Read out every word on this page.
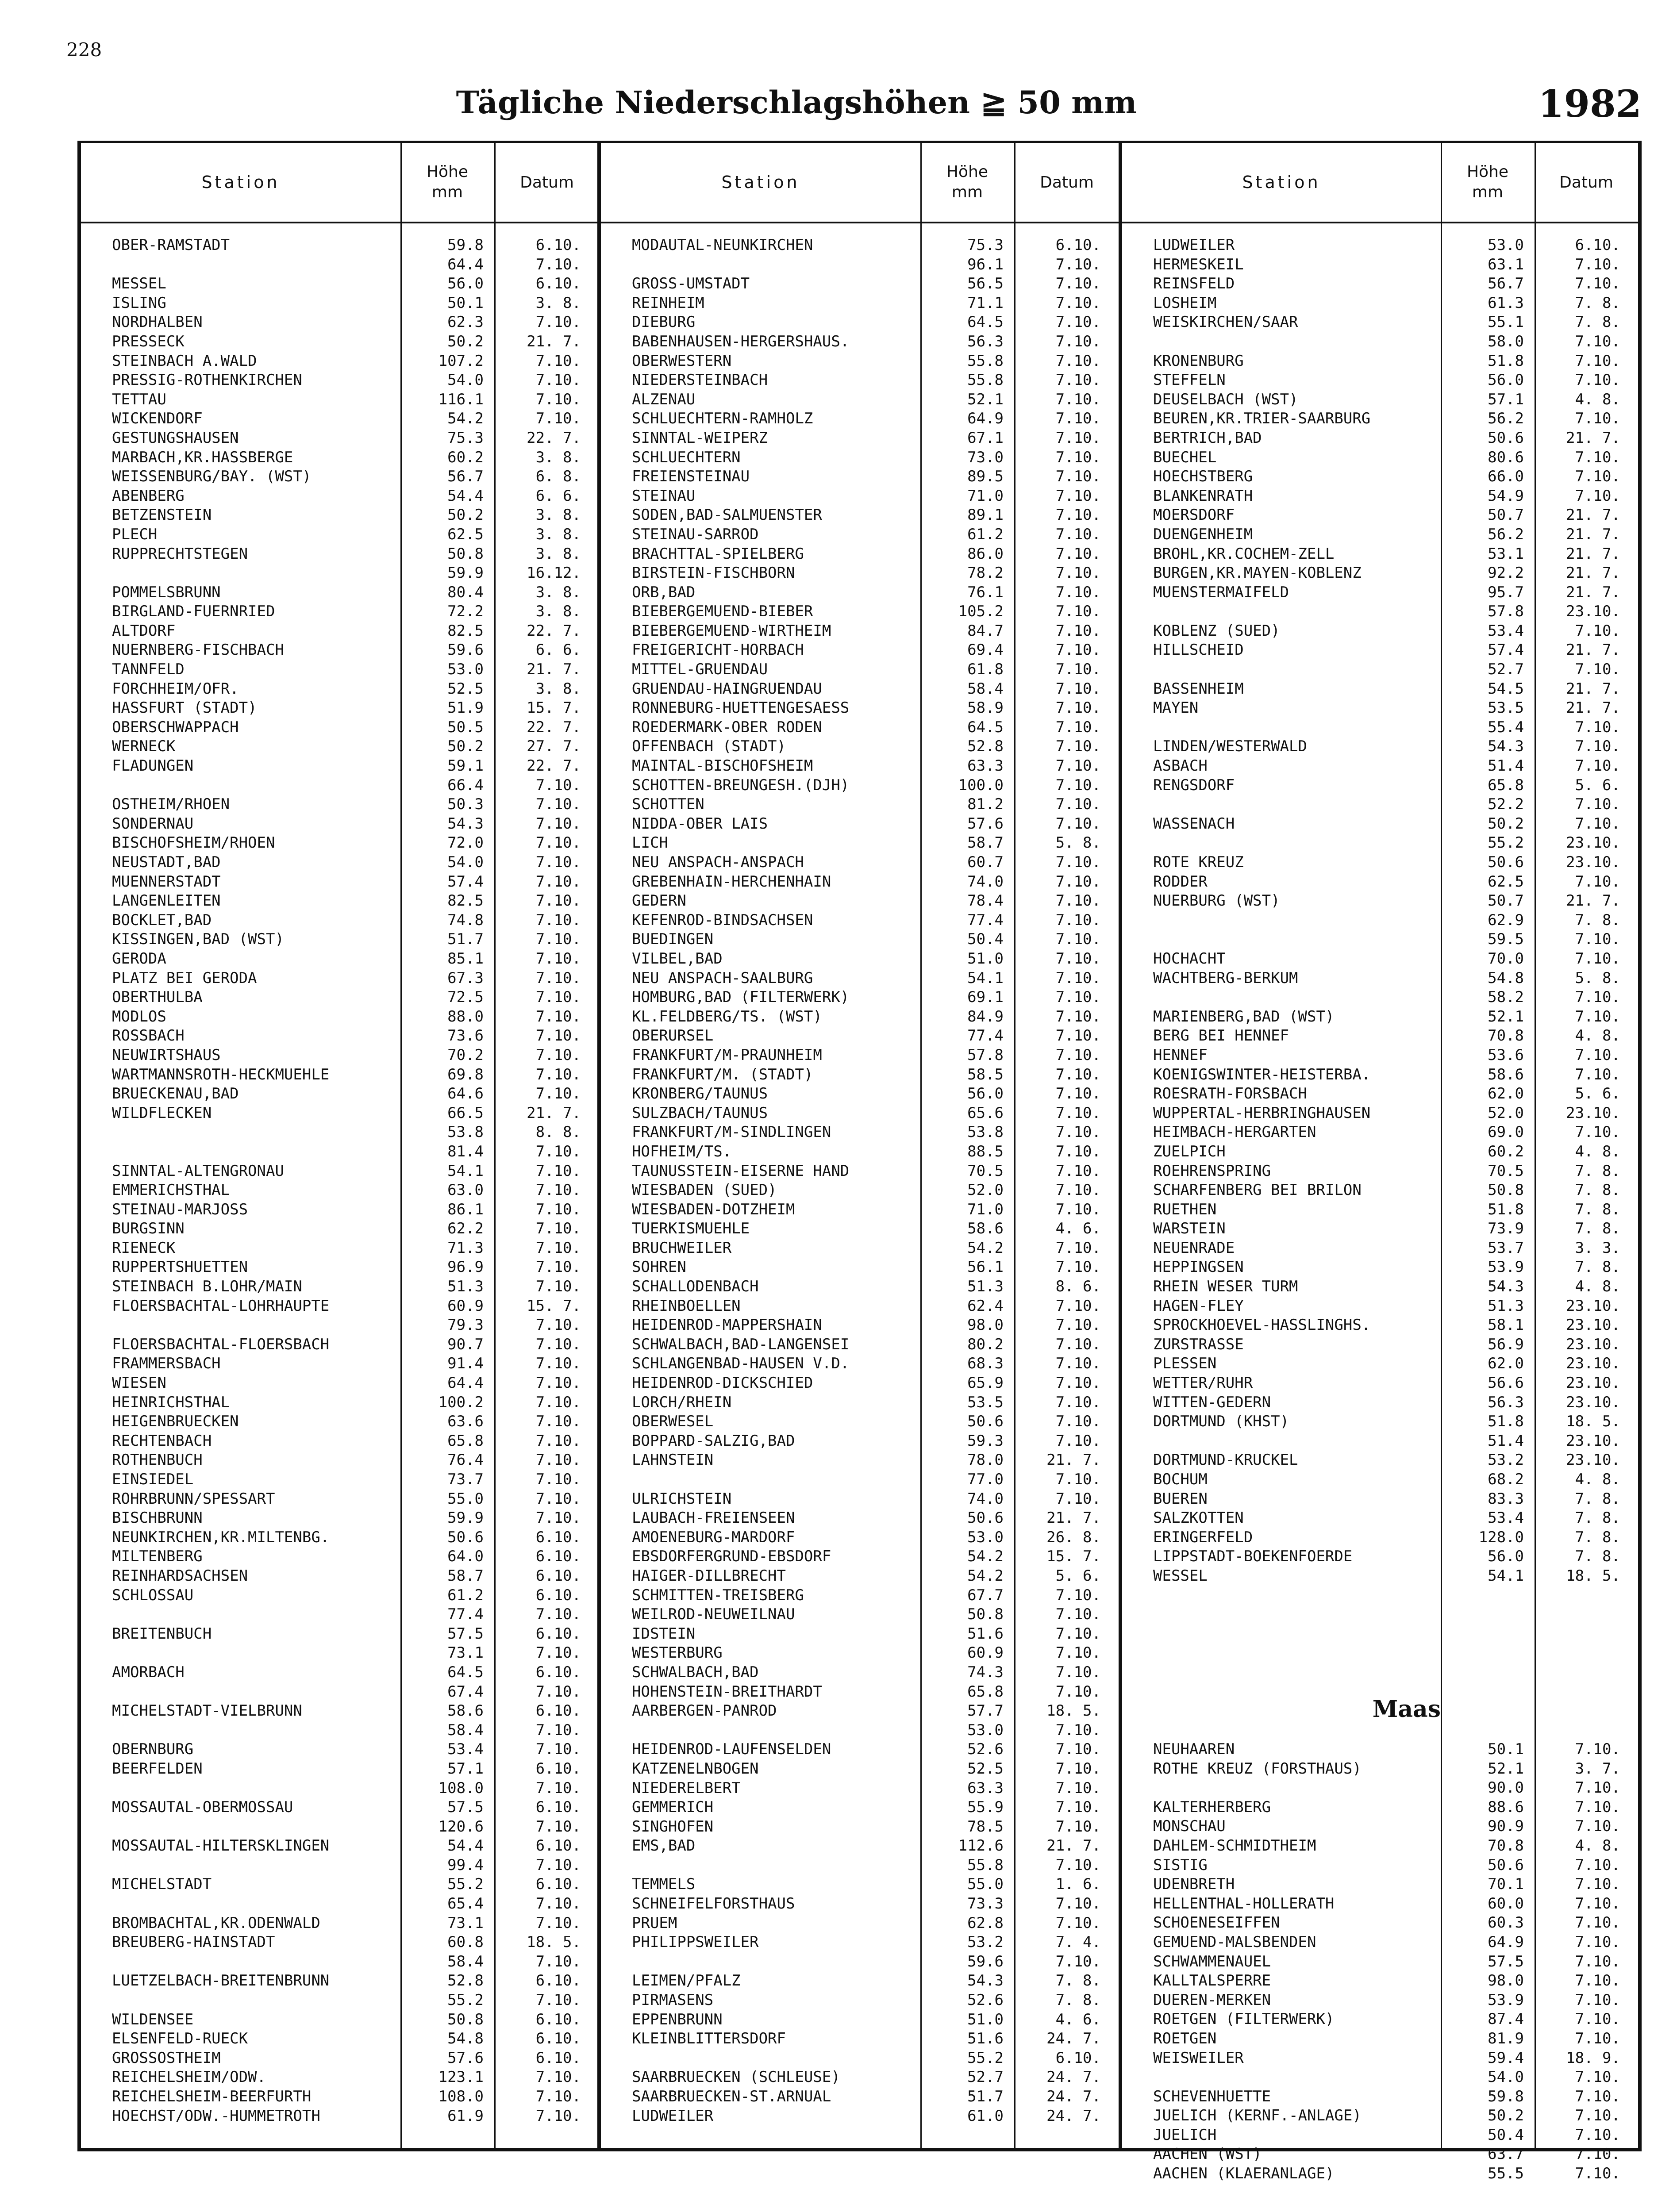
228
Tägliche Niederschlagshöhen ≧ 50 mm	1982
Station
Höhe
mm
Datum
OBER-RAMSTADT	59.8	6.10.
64.4	7.10.
MESSEL	56.0	6.10.
ISLING	50.1	3. 8.
NORDHALBEN	62.3	7.10.
PRESSECK	50.2	21. 7.
STEINBACH A.WALD	107.2	7.10.
PRESSIG-ROTHENKIRCHEN	54.0	7.10.
TETTAU	116.1	7.10.
WICKENDORF	54.2	7.10.
GESTUNGSHAUSEN	75.3	22. 7.
MARBACH,KR.HASSBERGE	60.2	3. 8.
WEISSENBURG/BAY. (WST)	56.7	6. 8.
ABENBERG	54.4	6. 6.
BETZENSTEIN	50.2	3. 8.
PLECH	62.5	3. 8.
RUPPRECHTSTEGEN	50.8	3. 8.
59.9	16.12.
POMMELSBRUNN	80.4	3. 8.
BIRGLAND-FUERNRIED	72.2	3. 8.
ALTDORF	82.5	22. 7.
NUERNBERG-FISCHBACH	59.6	6. 6.
TANNFELD	53.0	21. 7.
FORCHHEIM/OFR.	52.5	3. 8.
HASSFURT (STADT)	51.9	15. 7.
OBERSCHWAPPACH	50.5	22. 7.
WERNECK	50.2	27. 7.
FLADUNGEN	59.1	22. 7.
66.4	7.10.
OSTHEIM/RHOEN	50.3	7.10.
SONDERNAU	54.3	7.10.
BISCHOFSHEIM/RHOEN	72.0	7.10.
NEUSTADT,BAD	54.0	7.10.
MUENNERSTADT	57.4	7.10.
LANGENLEITEN	82.5	7.10.
BOCKLET,BAD	74.8	7.10.
KISSINGEN,BAD (WST)	51.7	7.10.
GERODA	85.1	7.10.
PLATZ BEI GERODA	67.3	7.10.
OBERTHULBA	72.5	7.10.
MODLOS	88.0	7.10.
ROSSBACH	73.6	7.10.
NEUWIRTSHAUS	70.2	7.10.
WARTMANNSROTH-HECKMUEHLE	69.8	7.10.
BRUECKENAU,BAD	64.6	7.10.
WILDFLECKEN	66.5	21. 7.
53.8	8. 8.
81.4	7.10.
SINNTAL-ALTENGRONAU	54.1	7.10.
EMMERICHSTHAL	63.0	7.10.
STEINAU-MARJOSS	86.1	7.10.
BURGSINN	62.2	7.10.
RIENECK	71.3	7.10.
RUPPERTSHUETTEN	96.9	7.10.
STEINBACH B.LOHR/MAIN	51.3	7.10.
FLOERSBACHTAL-LOHRHAUPTE	60.9	15. 7.
79.3	7.10.
FLOERSBACHTAL-FLOERSBACH	90.7	7.10.
FRAMMERSBACH	91.4	7.10.
WIESEN	64.4	7.10.
HEINRICHSTHAL	100.2	7.10.
HEIGENBRUECKEN	63.6	7.10.
RECHTENBACH	65.8	7.10.
ROTHENBUCH	76.4	7.10.
EINSIEDEL	73.7	7.10.
ROHRBRUNN/SPESSART	55.0	7.10.
BISCHBRUNN	59.9	7.10.
NEUNKIRCHEN,KR.MILTENBG.	50.6	6.10.
MILTENBERG	64.0	6.10.
REINHARDSACHSEN	58.7	6.10.
SCHLOSSAU	61.2	6.10.
77.4	7.10.
BREITENBUCH	57.5	6.10.
73.1	7.10.
AMORBACH	64.5	6.10.
67.4	7.10.
MICHELSTADT-VIELBRUNN	58.6	6.10.
58.4	7.10.
OBERNBURG	53.4	7.10.
BEERFELDEN	57.1	6.10.
108.0	7.10.
MOSSAUTAL-OBERMOSSAU	57.5	6.10.
120.6	7.10.
MOSSAUTAL-HILTERSKLINGEN	54.4	6.10.
99.4	7.10.
MICHELSTADT	55.2	6.10.
65.4	7.10.
BROMBACHTAL,KR.ODENWALD	73.1	7.10.
BREUBERG-HAINSTADT	60.8	18. 5.
58.4	7.10.
LUETZELBACH-BREITENBRUNN	52.8	6.10.
55.2	7.10.
WILDENSEE	50.8	6.10.
ELSENFELD-RUECK	54.8	6.10.
GROSSOSTHEIM	57.6	6.10.
REICHELSHEIM/ODW.	123.1	7.10.
REICHELSHEIM-BEERFURTH	108.0	7.10.
HOECHST/ODW.-HUMMETROTH	61.9	7.10.
Station
Höhe
mm
Datum
MODAUTAL-NEUNKIRCHEN	75.3	6.10.
96.1	7.10.
GROSS-UMSTADT	56.5	7.10.
REINHEIM	71.1	7.10.
DIEBURG	64.5	7.10.
BABENHAUSEN-HERGERSHAUS.	56.3	7.10.
OBERWESTERN	55.8	7.10.
NIEDERSTEINBACH	55.8	7.10.
ALZENAU	52.1	7.10.
SCHLUECHTERN-RAMHOLZ	64.9	7.10.
SINNTAL-WEIPERZ	67.1	7.10.
SCHLUECHTERN	73.0	7.10.
FREIENSTEINAU	89.5	7.10.
STEINAU	71.0	7.10.
SODEN,BAD-SALMUENSTER	89.1	7.10.
STEINAU-SARROD	61.2	7.10.
BRACHTTAL-SPIELBERG	86.0	7.10.
BIRSTEIN-FISCHBORN	78.2	7.10.
ORB,BAD	76.1	7.10.
BIEBERGEMUEND-BIEBER	105.2	7.10.
BIEBERGEMUEND-WIRTHEIM	84.7	7.10.
FREIGERICHT-HORBACH	69.4	7.10.
MITTEL-GRUENDAU	61.8	7.10.
GRUENDAU-HAINGRUENDAU	58.4	7.10.
RONNEBURG-HUETTENGESAESS	58.9	7.10.
ROEDERMARK-OBER RODEN	64.5	7.10.
OFFENBACH (STADT)	52.8	7.10.
MAINTAL-BISCHOFSHEIM	63.3	7.10.
SCHOTTEN-BREUNGESH.(DJH)	100.0	7.10.
SCHOTTEN	81.2	7.10.
NIDDA-OBER LAIS	57.6	7.10.
LICH	58.7	5. 8.
NEU ANSPACH-ANSPACH	60.7	7.10.
GREBENHAIN-HERCHENHAIN	74.0	7.10.
GEDERN	78.4	7.10.
KEFENROD-BINDSACHSEN	77.4	7.10.
BUEDINGEN	50.4	7.10.
VILBEL,BAD	51.0	7.10.
NEU ANSPACH-SAALBURG	54.1	7.10.
HOMBURG,BAD (FILTERWERK)	69.1	7.10.
KL.FELDBERG/TS. (WST)	84.9	7.10.
OBERURSEL	77.4	7.10.
FRANKFURT/M-PRAUNHEIM	57.8	7.10.
FRANKFURT/M. (STADT)	58.5	7.10.
KRONBERG/TAUNUS	56.0	7.10.
SULZBACH/TAUNUS	65.6	7.10.
FRANKFURT/M-SINDLINGEN	53.8	7.10.
HOFHEIM/TS.	88.5	7.10.
TAUNUSSTEIN-EISERNE HAND	70.5	7.10.
WIESBADEN (SUED)	52.0	7.10.
WIESBADEN-DOTZHEIM	71.0	7.10.
TUERKISMUEHLE	58.6	4. 6.
BRUCHWEILER	54.2	7.10.
SOHREN	56.1	7.10.
SCHALLODENBACH	51.3	8. 6.
RHEINBOELLEN	62.4	7.10.
HEIDENROD-MAPPERSHAIN	98.0	7.10.
SCHWALBACH,BAD-LANGENSEI	80.2	7.10.
SCHLANGENBAD-HAUSEN V.D.	68.3	7.10.
HEIDENROD-DICKSCHIED	65.9	7.10.
LORCH/RHEIN	53.5	7.10.
OBERWESEL	50.6	7.10.
BOPPARD-SALZIG,BAD	59.3	7.10.
LAHNSTEIN	78.0	21. 7.
77.0	7.10.
ULRICHSTEIN	74.0	7.10.
LAUBACH-FREIENSEEN	50.6	21. 7.
AMOENEBURG-MARDORF	53.0	26. 8.
EBSDORFERGRUND-EBSDORF	54.2	15. 7.
HAIGER-DILLBRECHT	54.2	5. 6.
SCHMITTEN-TREISBERG	67.7	7.10.
WEILROD-NEUWEILNAU	50.8	7.10.
IDSTEIN	51.6	7.10.
WESTERBURG	60.9	7.10.
SCHWALBACH,BAD	74.3	7.10.
HOHENSTEIN-BREITHARDT	65.8	7.10.
AARBERGEN-PANROD	57.7	18. 5.
53.0	7.10.
HEIDENROD-LAUFENSELDEN	52.6	7.10.
KATZENELNBOGEN	52.5	7.10.
NIEDERELBERT	63.3	7.10.
GEMMERICH	55.9	7.10.
SINGHOFEN	78.5	7.10.
EMS,BAD	112.6	21. 7.
55.8	7.10.
TEMMELS	55.0	1. 6.
SCHNEIFELFORSTHAUS	73.3	7.10.
PRUEM	62.8	7.10.
PHILIPPSWEILER	53.2	7. 4.
59.6	7.10.
LEIMEN/PFALZ	54.3	7. 8.
PIRMASENS	52.6	7. 8.
EPPENBRUNN	51.0	4. 6.
KLEINBLITTERSDORF	51.6	24. 7.
55.2	6.10.
SAARBRUECKEN (SCHLEUSE)	52.7	24. 7.
SAARBRUECKEN-ST.ARNUAL	51.7	24. 7.
LUDWEILER	61.0	24. 7.
Station
Höhe
mm
Datum
LUDWEILER	53.0	6.10.
HERMESKEIL	63.1	7.10.
REINSFELD	56.7	7.10.
LOSHEIM	61.3	7. 8.
WEISKIRCHEN/SAAR	55.1	7. 8.
58.0	7.10.
KRONENBURG	51.8	7.10.
STEFFELN	56.0	7.10.
DEUSELBACH (WST)	57.1	4. 8.
BEUREN,KR.TRIER-SAARBURG	56.2	7.10.
BERTRICH,BAD	50.6	21. 7.
BUECHEL	80.6	7.10.
HOECHSTBERG	66.0	7.10.
BLANKENRATH	54.9	7.10.
MOERSDORF	50.7	21. 7.
DUENGENHEIM	56.2	21. 7.
BROHL,KR.COCHEM-ZELL	53.1	21. 7.
BURGEN,KR.MAYEN-KOBLENZ	92.2	21. 7.
MUENSTERMAIFELD	95.7	21. 7.
57.8	23.10.
KOBLENZ (SUED)	53.4	7.10.
HILLSCHEID	57.4	21. 7.
52.7	7.10.
BASSENHEIM	54.5	21. 7.
MAYEN	53.5	21. 7.
55.4	7.10.
LINDEN/WESTERWALD	54.3	7.10.
ASBACH	51.4	7.10.
RENGSDORF	65.8	5. 6.
52.2	7.10.
WASSENACH	50.2	7.10.
55.2	23.10.
ROTE KREUZ	50.6	23.10.
RODDER	62.5	7.10.
NUERBURG (WST)	50.7	21. 7.
62.9	7. 8.
59.5	7.10.
HOCHACHT	70.0	7.10.
WACHTBERG-BERKUM	54.8	5. 8.
58.2	7.10.
MARIENBERG,BAD (WST)	52.1	7.10.
BERG BEI HENNEF	70.8	4. 8.
HENNEF	53.6	7.10.
KOENIGSWINTER-HEISTERBA.	58.6	7.10.
ROESRATH-FORSBACH	62.0	5. 6.
WUPPERTAL-HERBRINGHAUSEN	52.0	23.10.
HEIMBACH-HERGARTEN	69.0	7.10.
ZUELPICH	60.2	4. 8.
ROEHRENSPRING	70.5	7. 8.
SCHARFENBERG BEI BRILON	50.8	7. 8.
RUETHEN	51.8	7. 8.
WARSTEIN	73.9	7. 8.
NEUENRADE	53.7	3. 3.
HEPPINGSEN	53.9	7. 8.
RHEIN WESER TURM	54.3	4. 8.
HAGEN-FLEY	51.3	23.10.
SPROCKHOEVEL-HASSLINGHS.	58.1	23.10.
ZURSTRASSE	56.9	23.10.
PLESSEN	62.0	23.10.
WETTER/RUHR	56.6	23.10.
WITTEN-GEDERN	56.3	23.10.
DORTMUND (KHST)	51.8	18. 5.
51.4	23.10.
DORTMUND-KRUCKEL	53.2	23.10.
BOCHUM	68.2	4. 8.
BUEREN	83.3	7. 8.
SALZKOTTEN	53.4	7. 8.
ERINGERFELD	128.0	7. 8.
LIPPSTADT-BOEKENFOERDE	56.0	7. 8.
WESSEL	54.1	18. 5.
Maas
NEUHAAREN	50.1	7.10.
ROTHE KREUZ (FORSTHAUS)	52.1	3. 7.
90.0	7.10.
KALTERHERBERG	88.6	7.10.
MONSCHAU	90.9	7.10.
DAHLEM-SCHMIDTHEIM	70.8	4. 8.
SISTIG	50.6	7.10.
UDENBRETH	70.1	7.10.
HELLENTHAL-HOLLERATH	60.0	7.10.
SCHOENESEIFFEN	60.3	7.10.
GEMUEND-MALSBENDEN	64.9	7.10.
SCHWAMMENAUEL	57.5	7.10.
KALLTALSPERRE	98.0	7.10.
DUEREN-MERKEN	53.9	7.10.
ROETGEN (FILTERWERK)	87.4	7.10.
ROETGEN	81.9	7.10.
WEISWEILER	59.4	18. 9.
54.0	7.10.
SCHEVENHUETTE	59.8	7.10.
JUELICH (KERNF.-ANLAGE)	50.2	7.10.
JUELICH	50.4	7.10.
AACHEN (WST)	63.7	7.10.
AACHEN (KLAERANLAGE)	55.5	7.10.
